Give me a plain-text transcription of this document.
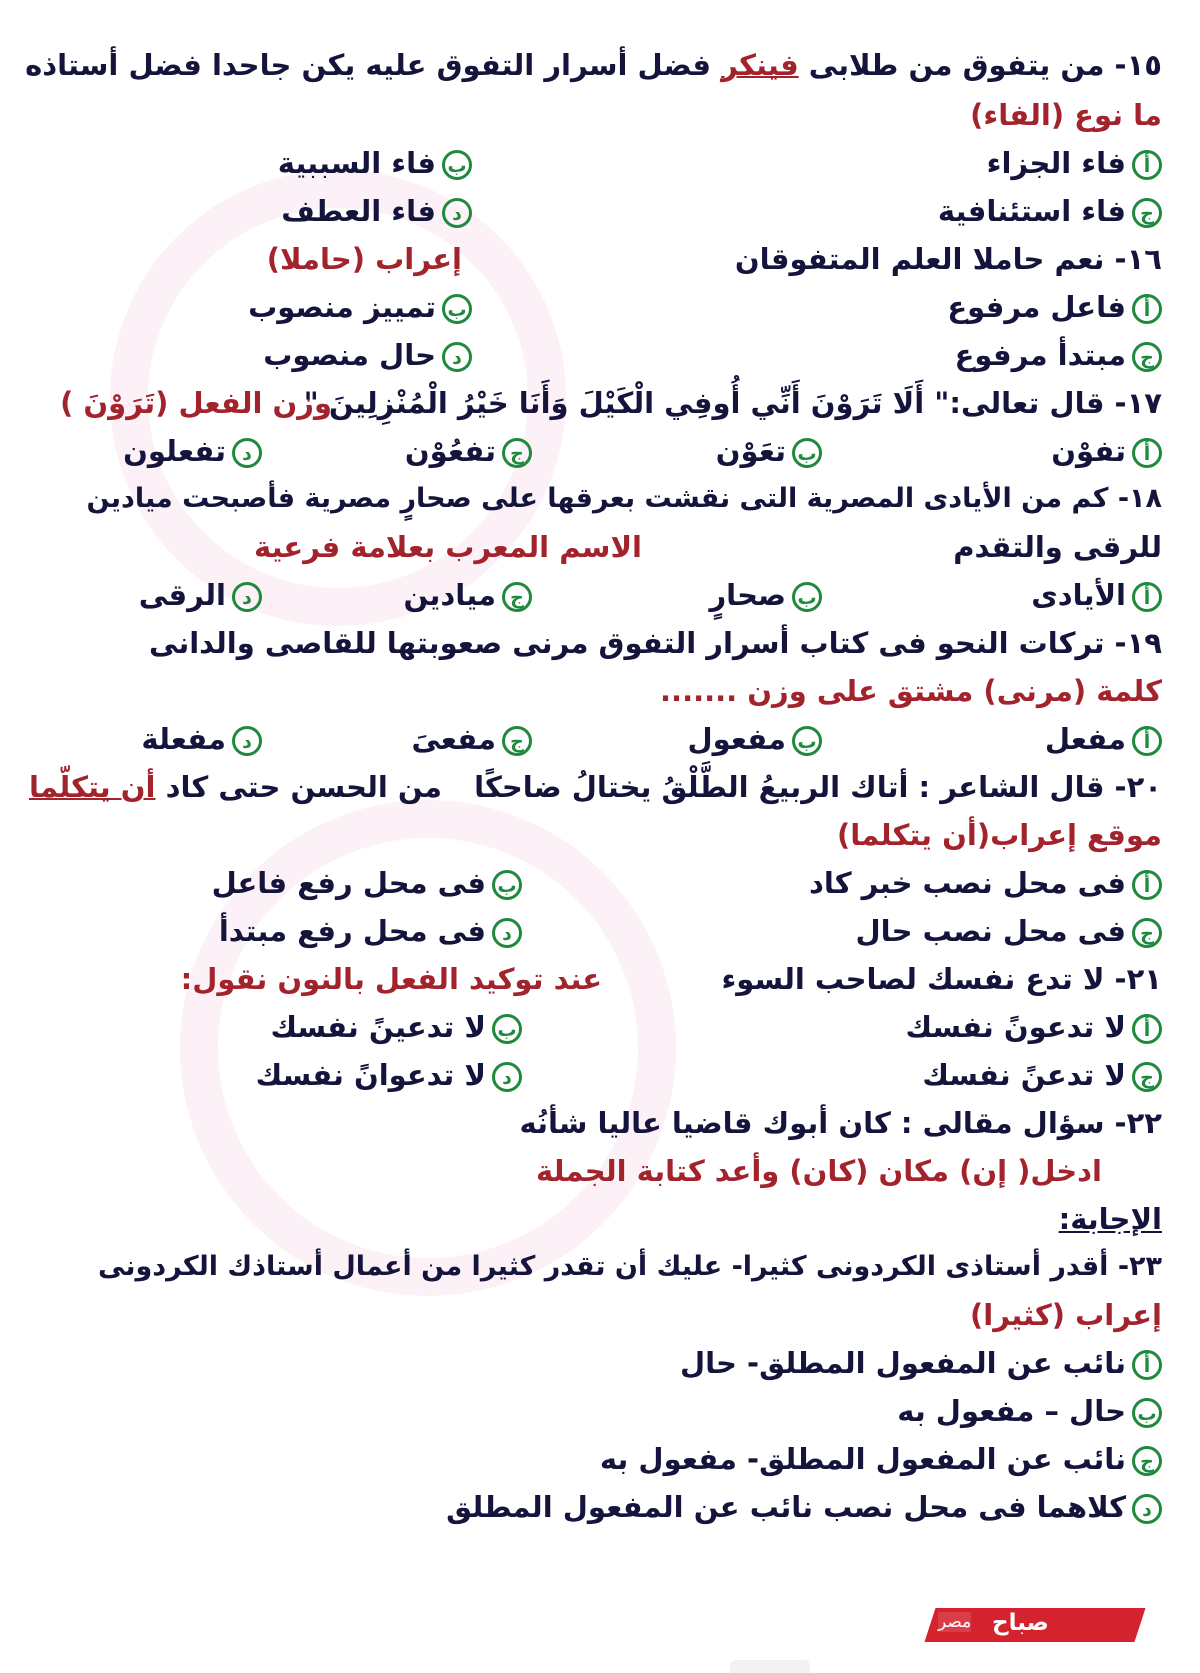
١٥- من يتفوق من طلابى فينكر فضل أسرار التفوق عليه يكن جاحدا فضل أستاذه
ما نوع (الفاء)
أفاء الجزاء
بفاء السببية
جفاء استئنافية
دفاء العطف
١٦- نعم حاملا العلم المتفوقان
إعراب (حاملا)
أفاعل مرفوع
بتمييز منصوب
جمبتدأ مرفوع
دحال منصوب
١٧- قال تعالى:" أَلَا تَرَوْنَ أَنِّي أُوفِي الْكَيْلَ وَأَنَا خَيْرُ الْمُنْزِلِينَ "
وزن الفعل (تَرَوْنَ )
أتفوْن
بتعَوْن
جتفعُوْن
دتفعلون
١٨- كم من الأيادى المصرية التى نقشت بعرقها على صحارٍ مصرية فأصبحت ميادين
للرقى والتقدم
الاسم المعرب بعلامة فرعية
أالأيادى
بصحارٍ
جميادين
دالرقى
١٩- تركات النحو فى كتاب أسرار التفوق مرنى صعوبتها للقاصى والدانى
كلمة (مرنى) مشتق على وزن .......
أمفعل
بمفعول
جمفعىَ
دمفعلة
٢٠- قال الشاعر : أتاك الربيعُ الطَّلْقُ يختالُ ضاحكًا
من الحسن حتى كاد أن يتكلّما
موقع إعراب(أن يتكلما)
أفى محل نصب خبر كاد
بفى محل رفع فاعل
جفى محل نصب حال
دفى محل رفع مبتدأ
٢١- لا تدع نفسك لصاحب السوء
عند توكيد الفعل بالنون نقول:
ألا تدعونً نفسك
بلا تدعينً نفسك
جلا تدعنً نفسك
دلا تدعوانً نفسك
٢٢- سؤال مقالى : كان أبوك قاضيا عاليا شأنُه
ادخل( إن) مكان (كان) وأعد كتابة الجملة
الإجابة:
٢٣- أقدر أستاذى الكردونى كثيرا- عليك أن تقدر كثيرا من أعمال أستاذك الكردونى
إعراب (كثيرا)
أنائب عن المفعول المطلق- حال
بحال – مفعول به
جنائب عن المفعول المطلق- مفعول به
دكلاهما فى محل نصب نائب عن المفعول المطلق
صباح
مصر
